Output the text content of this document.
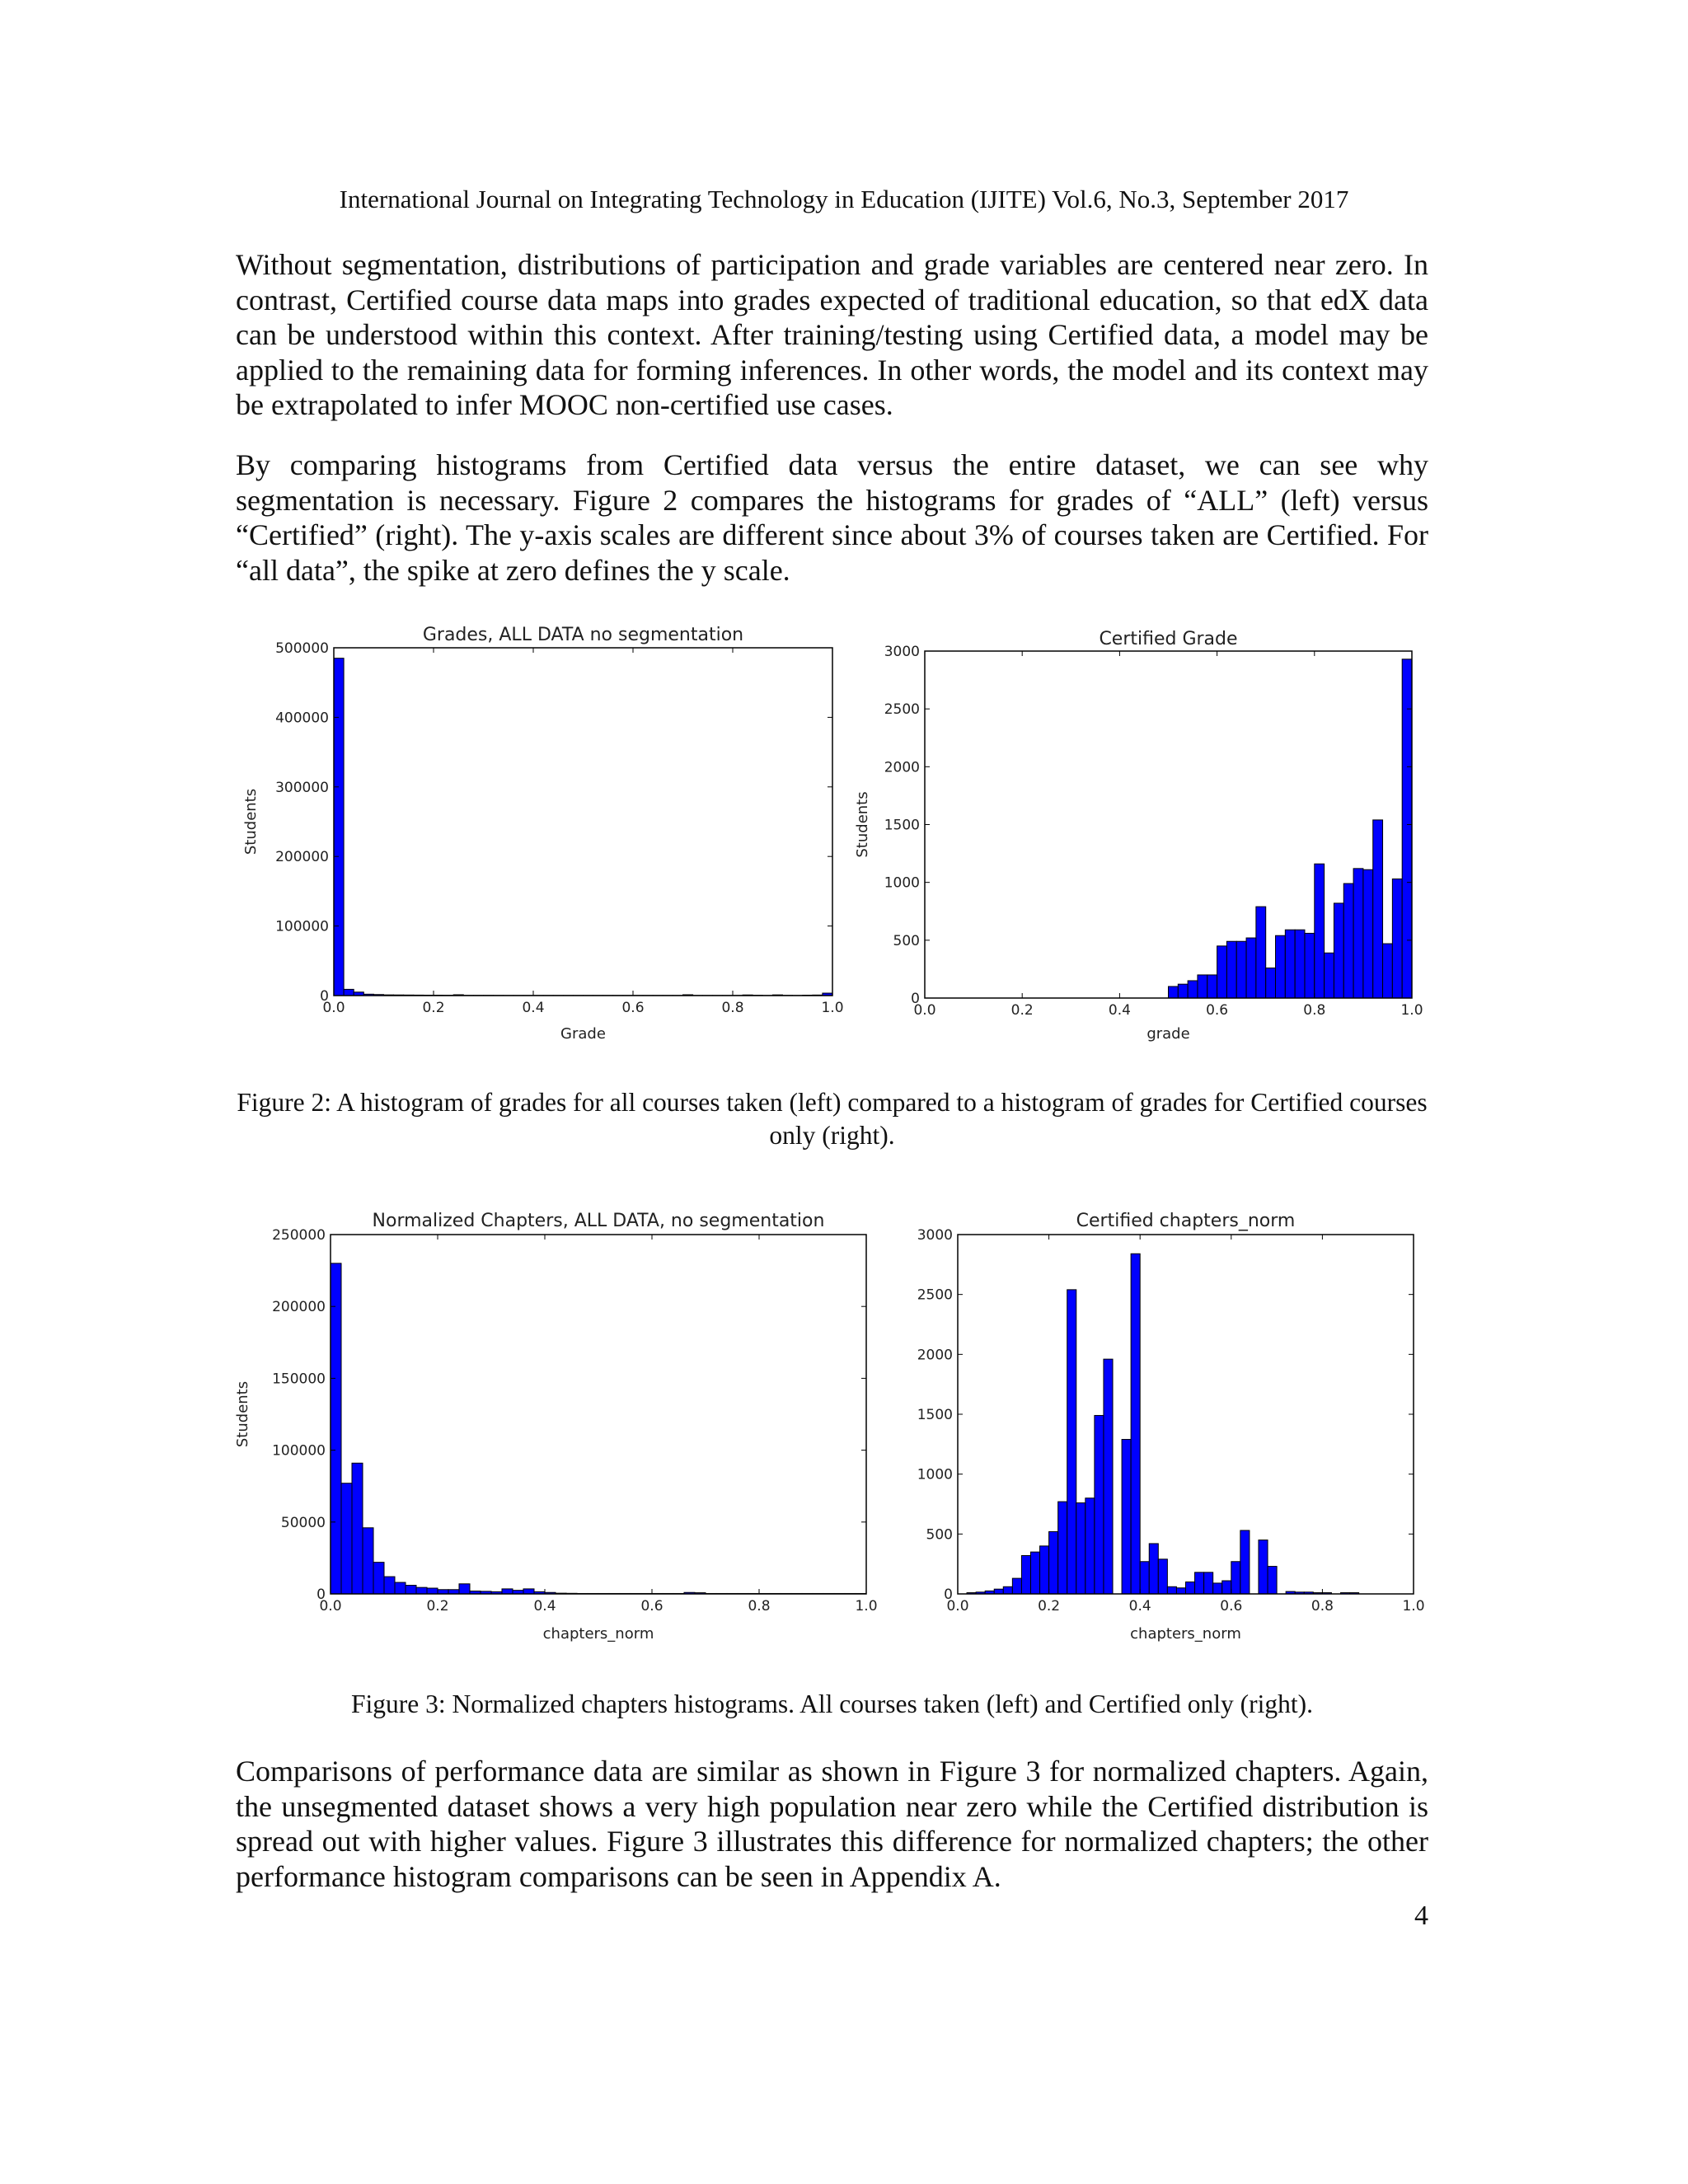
International Journal on Integrating Technology in Education (IJITE) Vol.6, No.3, September 2017
Without segmentation, distributions of participation and grade variables are centered near zero. In contrast, Certified course data maps into grades expected of traditional education, so that edX data can be understood within this context. After training/testing using Certified data, a model may be applied to the remaining data for forming inferences. In other words, the model and its context may be extrapolated to infer MOOC non-certified use cases.
By comparing histograms from Certified data versus the entire dataset, we can see why segmentation is necessary. Figure 2 compares the histograms for grades of “ALL” (left) versus “Certified” (right). The y-axis scales are different since about 3% of courses taken are Certified. For “all data”, the spike at zero defines the y scale.
0.0	0.2	0.4	0.6	0.8	1.0
0
100000
200000
300000
400000
500000
Grades, ALL DATA no segmentation
Grade
Students
0.0	0.2	0.4	0.6	0.8	1.0
0
500
1000
1500
2000
2500
3000
Certified Grade
grade
Students
0.0	0.2	0.4	0.6	0.8	1.0
0
50000
100000
150000
200000
250000
Normalized Chapters, ALL DATA, no segmentation
chapters_norm
Students
0.0	0.2	0.4	0.6	0.8	1.0
0
500
1000
1500
2000
2500
3000
Certified chapters_norm
chapters_norm
Figure 2: A histogram of grades for all courses taken (left) compared to a histogram of grades for Certified courses only (right).
Figure 3: Normalized chapters histograms. All courses taken (left) and Certified only (right).
Comparisons of performance data are similar as shown in Figure 3 for normalized chapters. Again, the unsegmented dataset shows a very high population near zero while the Certified distribution is spread out with higher values. Figure 3 illustrates this difference for normalized chapters; the other performance histogram comparisons can be seen in Appendix A.
4
